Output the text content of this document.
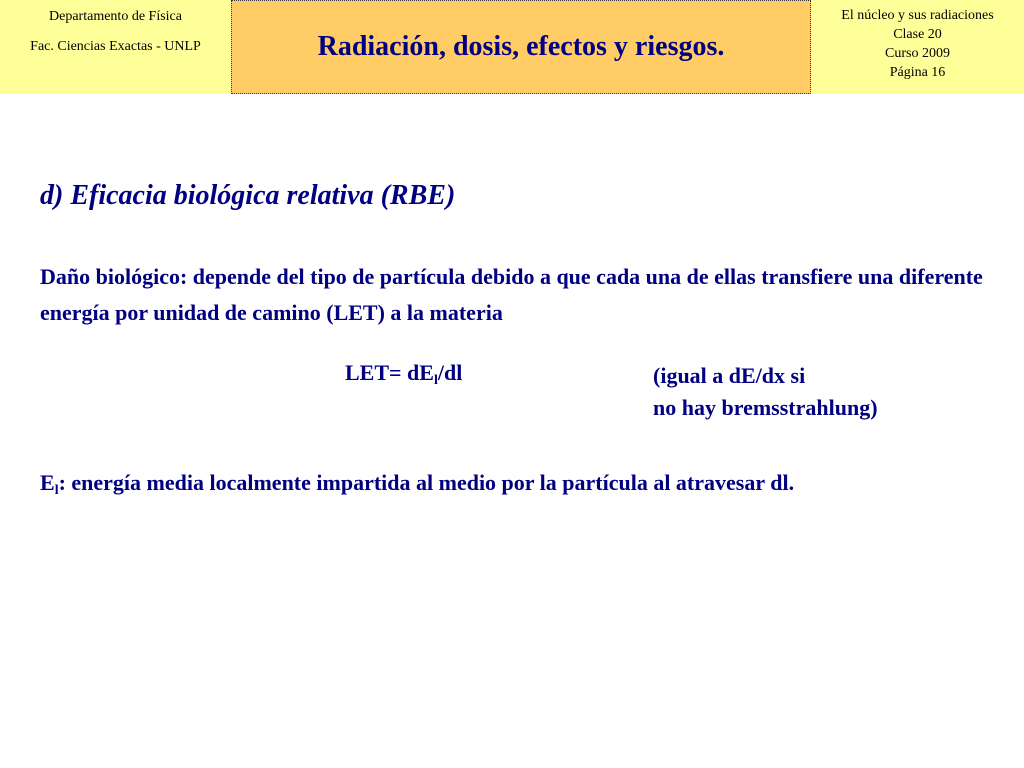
Departamento de Física
Fac. Ciencias Exactas - UNLP	Radiación, dosis, efectos y riesgos.
El núcleo y sus radiaciones
Clase 20
Curso 2009
Página 16
d) Eficacia biológica relativa (RBE)
Daño biológico: depende del tipo de partícula debido a que cada una de ellas transfiere una diferente energía por unidad de camino (LET) a la materia
$LET= dE_l/dl$	(igual a dE/dx si
no hay bremsstrahlung)
$E_l$: energía media localmente impartida al medio por la partícula al atravesar dl.
